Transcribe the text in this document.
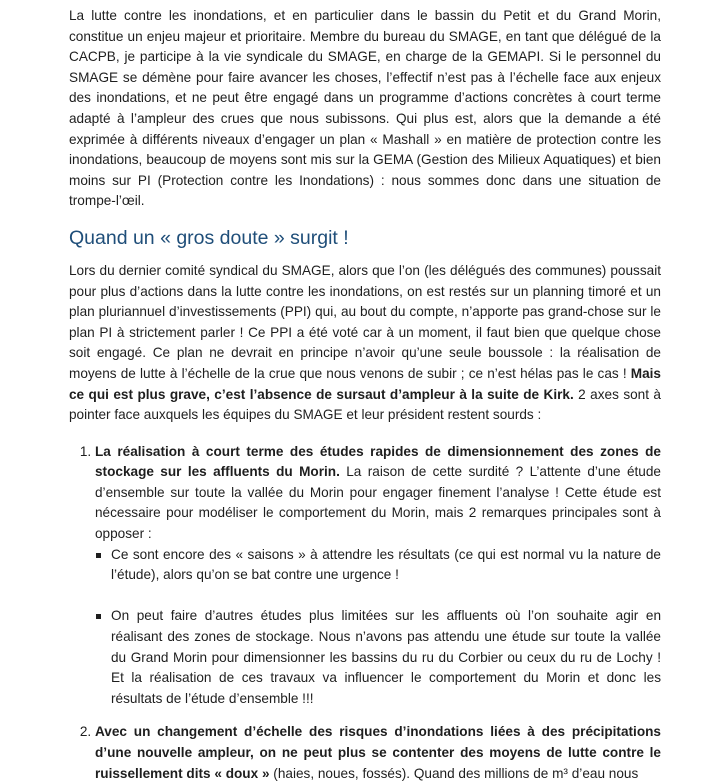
La lutte contre les inondations, et en particulier dans le bassin du Petit et du Grand Morin, constitue un enjeu majeur et prioritaire. Membre du bureau du SMAGE, en tant que délégué de la CACPB, je participe à la vie syndicale du SMAGE, en charge de la GEMAPI. Si le personnel du SMAGE se démène pour faire avancer les choses, l’effectif n’est pas à l’échelle face aux enjeux des inondations, et ne peut être engagé dans un programme d’actions concrètes à court terme adapté à l’ampleur des crues que nous subissons. Qui plus est, alors que la demande a été exprimée à différents niveaux d’engager un plan « Mashall » en matière de protection contre les inondations, beaucoup de moyens sont mis sur la GEMA (Gestion des Milieux Aquatiques) et bien moins sur PI (Protection contre les Inondations) : nous sommes donc dans une situation de trompe-l’œil.

Quand un « gros doute » surgit !

Lors du dernier comité syndical du SMAGE, alors que l’on (les délégués des communes) poussait pour plus d’actions dans la lutte contre les inondations, on est restés sur un planning timoré et un plan pluriannuel d’investissements (PPI) qui, au bout du compte, n’apporte pas grand-chose sur le plan PI à strictement parler ! Ce PPI a été voté car à un moment, il faut bien que quelque chose soit engagé. Ce plan ne devrait en principe n’avoir qu’une seule boussole : la réalisation de moyens de lutte à l’échelle de la crue que nous venons de subir ; ce n’est hélas pas le cas ! Mais ce qui est plus grave, c’est l’absence de sursaut d’ampleur à la suite de Kirk. 2 axes sont à pointer face auxquels les équipes du SMAGE et leur président restent sourds :

1. La réalisation à court terme des études rapides de dimensionnement des zones de stockage sur les affluents du Morin. La raison de cette surdité ? L’attente d’une étude d’ensemble sur toute la vallée du Morin pour engager finement l’analyse ! Cette étude est nécessaire pour modéliser le comportement du Morin, mais 2 remarques principales sont à opposer :
Ce sont encore des « saisons » à attendre les résultats (ce qui est normal vu la nature de l’étude), alors qu’on se bat contre une urgence !
On peut faire d’autres études plus limitées sur les affluents où l’on souhaite agir en réalisant des zones de stockage. Nous n’avons pas attendu une étude sur toute la vallée du Grand Morin pour dimensionner les bassins du ru du Corbier ou ceux du ru de Lochy ! Et la réalisation de ces travaux va influencer le comportement du Morin et donc les résultats de l’étude d’ensemble !!!
2. Avec un changement d’échelle des risques d’inondations liées à des précipitations d’une nouvelle ampleur, on ne peut plus se contenter des moyens de lutte contre le ruissellement dits « doux » (haies, noues, fossés). Quand des millions de m³ d’eau nous
